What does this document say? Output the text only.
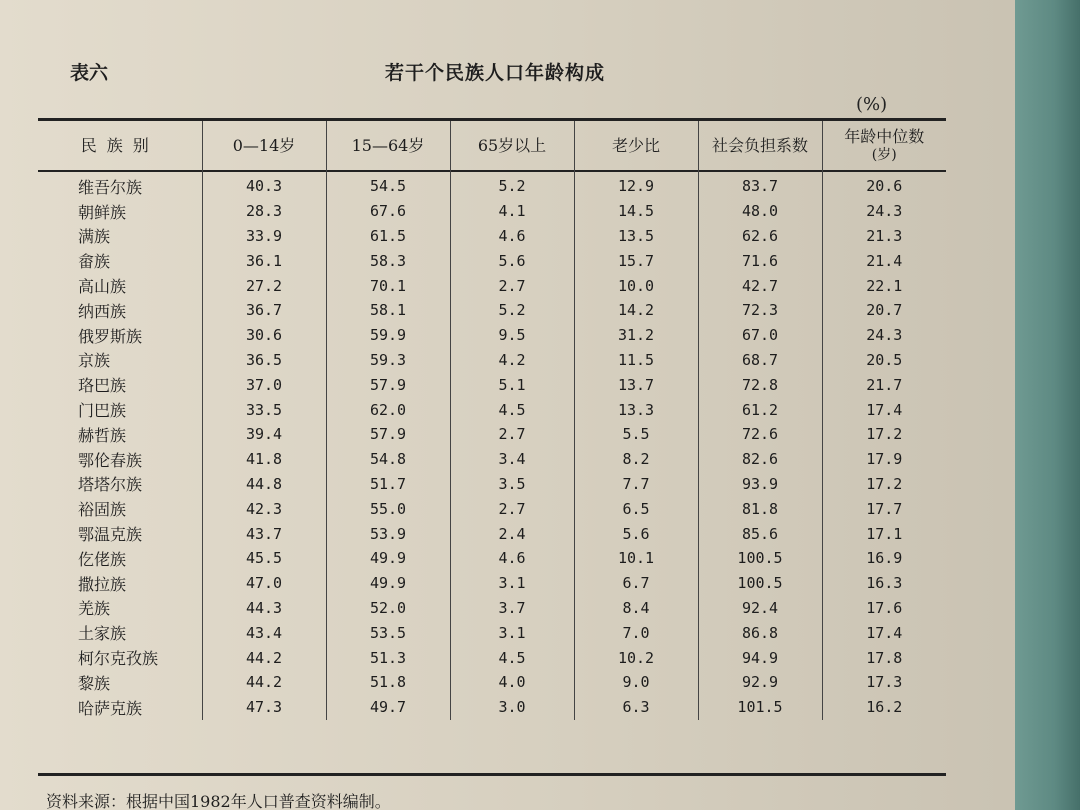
表六	若干个民族人口年龄构成
(%)
民族别	0—14岁	15—64岁	65岁以上	老少比	社会负担系数	年龄中位数
(岁)

维吾尔族	40.3	54.5	5.2	12.9	83.7	20.6
朝鲜族	28.3	67.6	4.1	14.5	48.0	24.3
满族	33.9	61.5	4.6	13.5	62.6	21.3
畲族	36.1	58.3	5.6	15.7	71.6	21.4
高山族	27.2	70.1	2.7	10.0	42.7	22.1
纳西族	36.7	58.1	5.2	14.2	72.3	20.7
俄罗斯族	30.6	59.9	9.5	31.2	67.0	24.3
京族	36.5	59.3	4.2	11.5	68.7	20.5
珞巴族	37.0	57.9	5.1	13.7	72.8	21.7
门巴族	33.5	62.0	4.5	13.3	61.2	17.4
赫哲族	39.4	57.9	2.7	5.5	72.6	17.2
鄂伦春族	41.8	54.8	3.4	8.2	82.6	17.9
塔塔尔族	44.8	51.7	3.5	7.7	93.9	17.2
裕固族	42.3	55.0	2.7	6.5	81.8	17.7
鄂温克族	43.7	53.9	2.4	5.6	85.6	17.1
仡佬族	45.5	49.9	4.6	10.1	100.5	16.9
撒拉族	47.0	49.9	3.1	6.7	100.5	16.3
羌族	44.3	52.0	3.7	8.4	92.4	17.6
土家族	43.4	53.5	3.1	7.0	86.8	17.4
柯尔克孜族	44.2	51.3	4.5	10.2	94.9	17.8
黎族	44.2	51.8	4.0	9.0	92.9	17.3
哈萨克族	47.3	49.7	3.0	6.3	101.5	16.2
资料来源：根据中国1982年人口普查资料编制。
